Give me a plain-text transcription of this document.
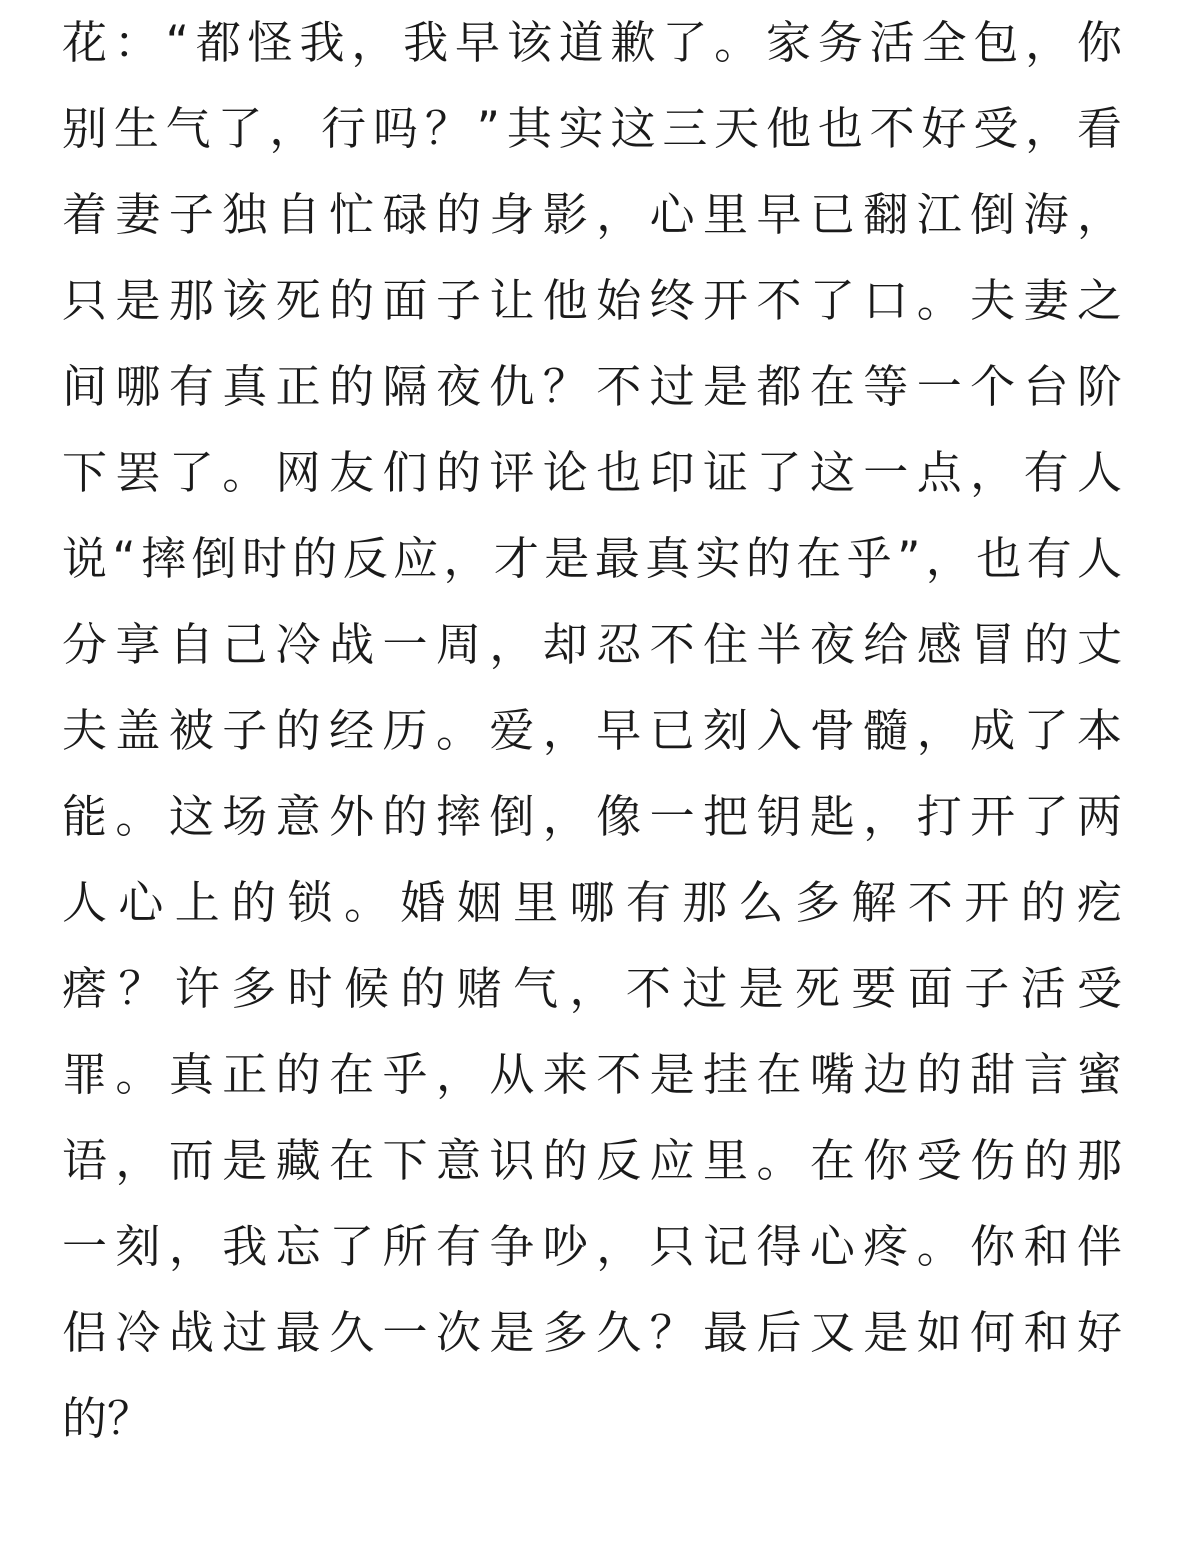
花：“都怪我，我早该道歉了。家务活全包，你
别生气了，行吗？”其实这三天他也不好受，看
着妻子独自忙碌的身影，心里早已翻江倒海，
只是那该死的面子让他始终开不了口。夫妻之
间哪有真正的隔夜仇？不过是都在等一个台阶
下罢了。网友们的评论也印证了这一点，有人
说“摔倒时的反应，才是最真实的在乎”，也有人
分享自己冷战一周，却忍不住半夜给感冒的丈
夫盖被子的经历。爱，早已刻入骨髓，成了本
能。这场意外的摔倒，像一把钥匙，打开了两
人心上的锁。婚姻里哪有那么多解不开的疙
瘩？许多时候的赌气，不过是死要面子活受
罪。真正的在乎，从来不是挂在嘴边的甜言蜜
语，而是藏在下意识的反应里。在你受伤的那
一刻，我忘了所有争吵，只记得心疼。你和伴
侣冷战过最久一次是多久？最后又是如何和好
的？
